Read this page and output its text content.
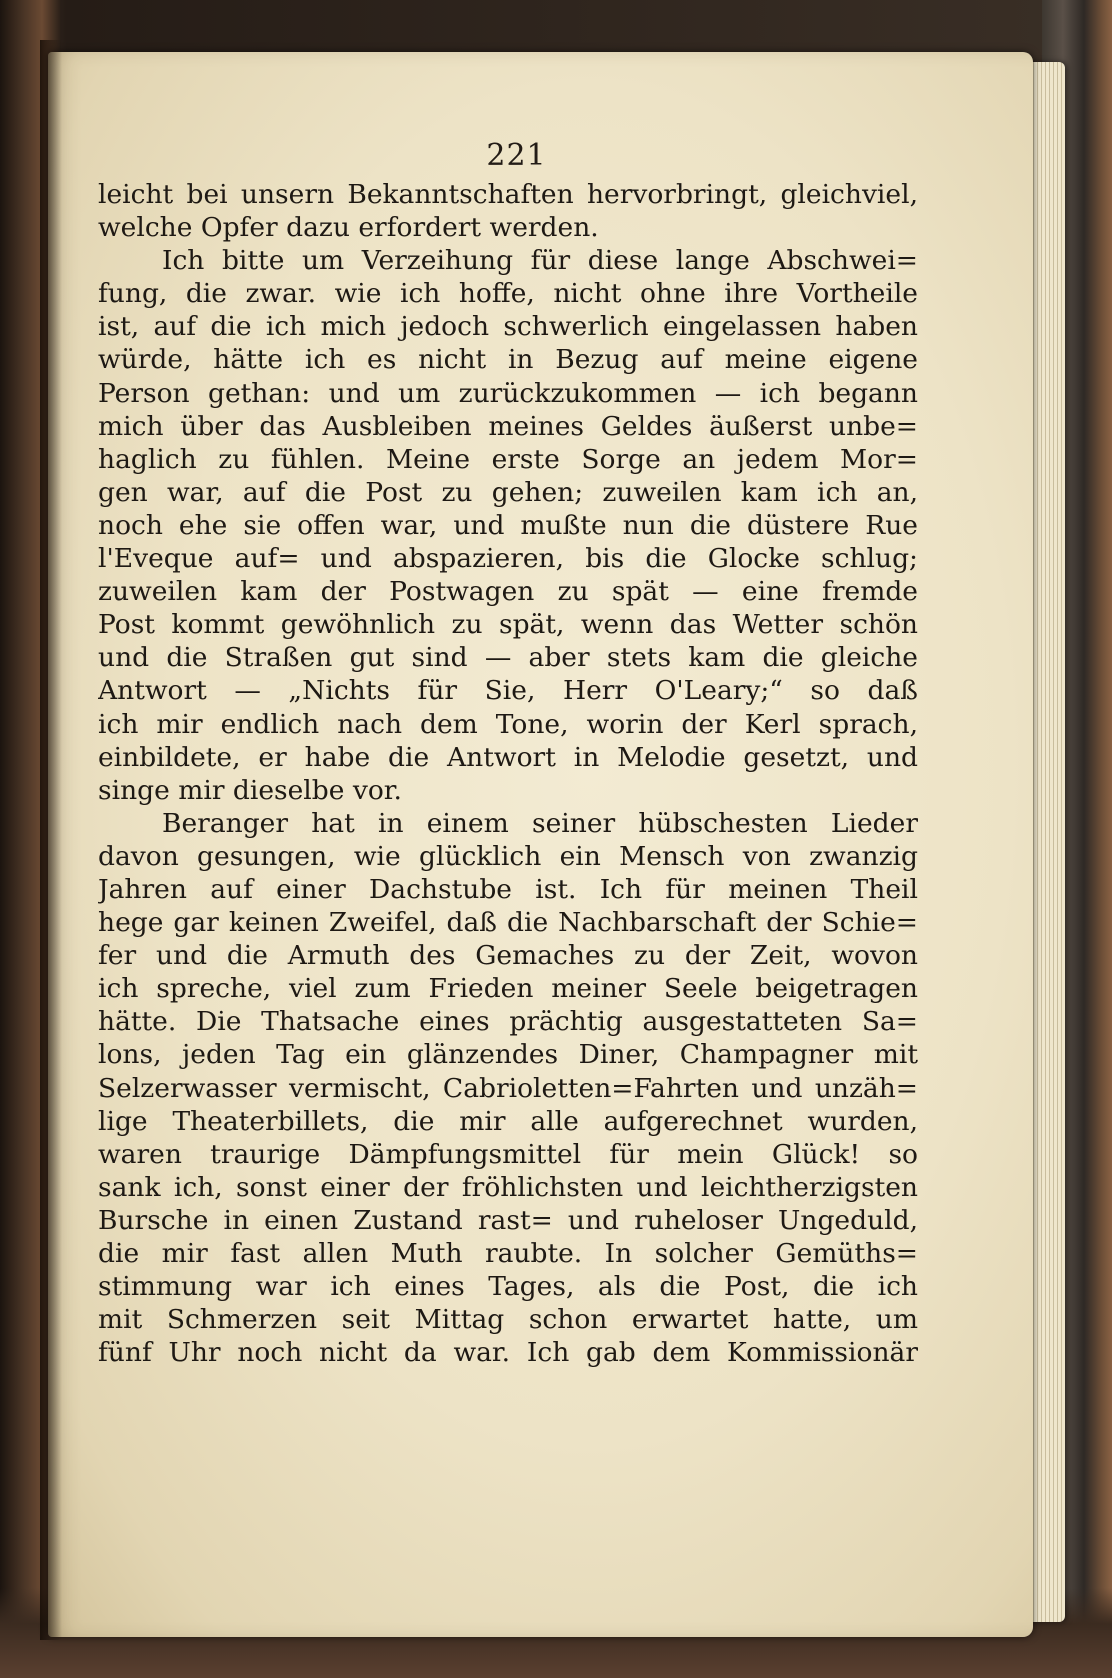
221
leicht bei unsern Bekanntschaften hervorbringt, gleichviel,
welche Opfer dazu erfordert werden.
Ich bitte um Verzeihung für diese lange Abschwei=
fung, die zwar. wie ich hoffe, nicht ohne ihre Vortheile
ist, auf die ich mich jedoch schwerlich eingelassen haben
würde, hätte ich es nicht in Bezug auf meine eigene
Person gethan: und um zurückzukommen — ich begann
mich über das Ausbleiben meines Geldes äußerst unbe=
haglich zu fühlen. Meine erste Sorge an jedem Mor=
gen war, auf die Post zu gehen; zuweilen kam ich an,
noch ehe sie offen war, und mußte nun die düstere Rue
l'Eveque auf= und abspazieren, bis die Glocke schlug;
zuweilen kam der Postwagen zu spät — eine fremde
Post kommt gewöhnlich zu spät, wenn das Wetter schön
und die Straßen gut sind — aber stets kam die gleiche
Antwort — „Nichts für Sie, Herr O'Leary;“ so daß
ich mir endlich nach dem Tone, worin der Kerl sprach,
einbildete, er habe die Antwort in Melodie gesetzt, und
singe mir dieselbe vor.
Beranger hat in einem seiner hübschesten Lieder
davon gesungen, wie glücklich ein Mensch von zwanzig
Jahren auf einer Dachstube ist. Ich für meinen Theil
hege gar keinen Zweifel, daß die Nachbarschaft der Schie=
fer und die Armuth des Gemaches zu der Zeit, wovon
ich spreche, viel zum Frieden meiner Seele beigetragen
hätte. Die Thatsache eines prächtig ausgestatteten Sa=
lons, jeden Tag ein glänzendes Diner, Champagner mit
Selzerwasser vermischt, Cabrioletten=Fahrten und unzäh=
lige Theaterbillets, die mir alle aufgerechnet wurden,
waren traurige Dämpfungsmittel für mein Glück! so
sank ich, sonst einer der fröhlichsten und leichtherzigsten
Bursche in einen Zustand rast= und ruheloser Ungeduld,
die mir fast allen Muth raubte. In solcher Gemüths=
stimmung war ich eines Tages, als die Post, die ich
mit Schmerzen seit Mittag schon erwartet hatte, um
fünf Uhr noch nicht da war. Ich gab dem Kommissionär
